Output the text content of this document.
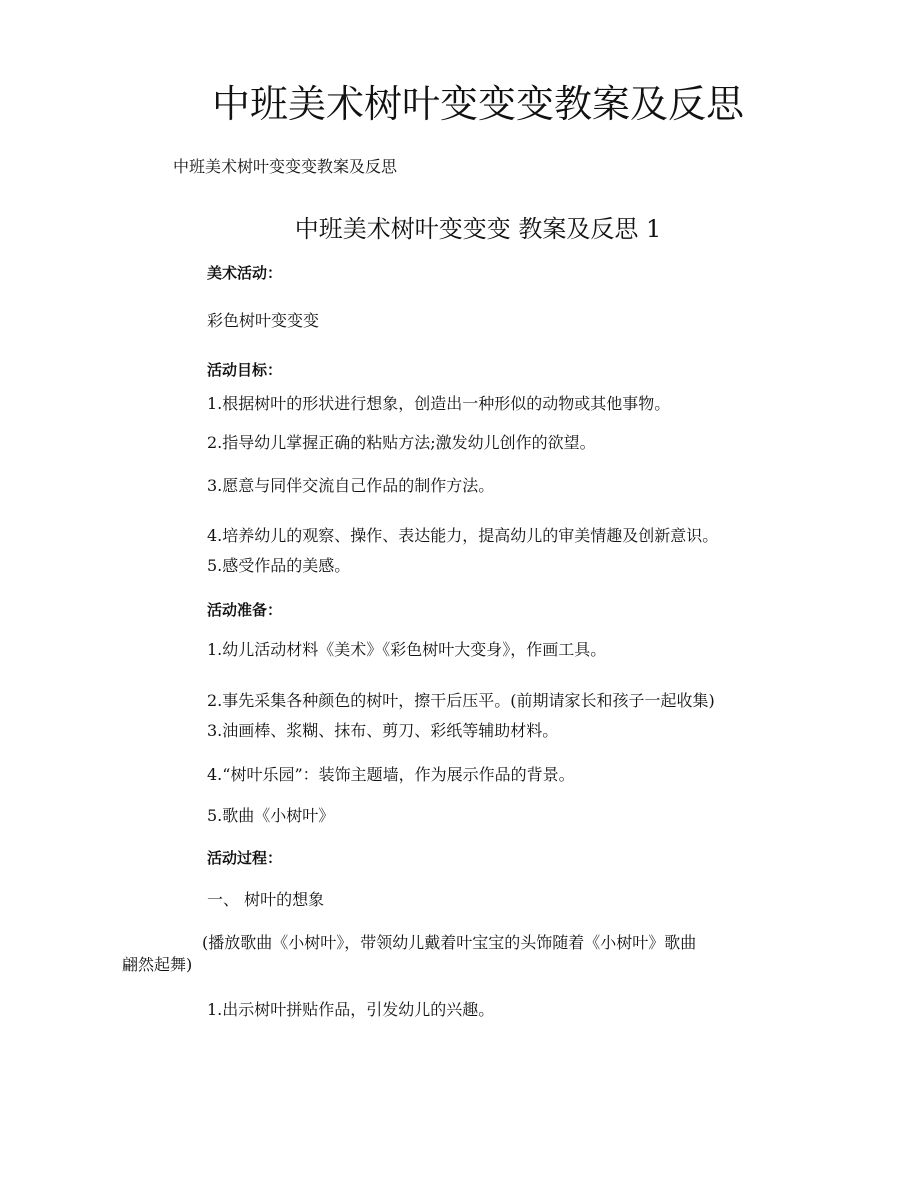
中班美术树叶变变变教案及反思
中班美术树叶变变变教案及反思
中班美术树叶变变变 教案及反思 1
美术活动：
彩色树叶变变变
活动目标：
1.根据树叶的形状进行想象，创造出一种形似的动物或其他事物。
2.指导幼儿掌握正确的粘贴方法;激发幼儿创作的欲望。
3.愿意与同伴交流自己作品的制作方法。
4.培养幼儿的观察、操作、表达能力，提高幼儿的审美情趣及创新意识。
5.感受作品的美感。
活动准备：
1.幼儿活动材料《美术》《彩色树叶大变身》，作画工具。
2.事先采集各种颜色的树叶，擦干后压平。(前期请家长和孩子一起收集)
3.油画棒、浆糊、抹布、剪刀、彩纸等辅助材料。
4.“树叶乐园”：装饰主题墙，作为展示作品的背景。
5.歌曲《小树叶》
活动过程：
一、 树叶的想象
(播放歌曲《小树叶》，带领幼儿戴着叶宝宝的头饰随着《小树叶》歌曲
翩然起舞)
1.出示树叶拼贴作品，引发幼儿的兴趣。
